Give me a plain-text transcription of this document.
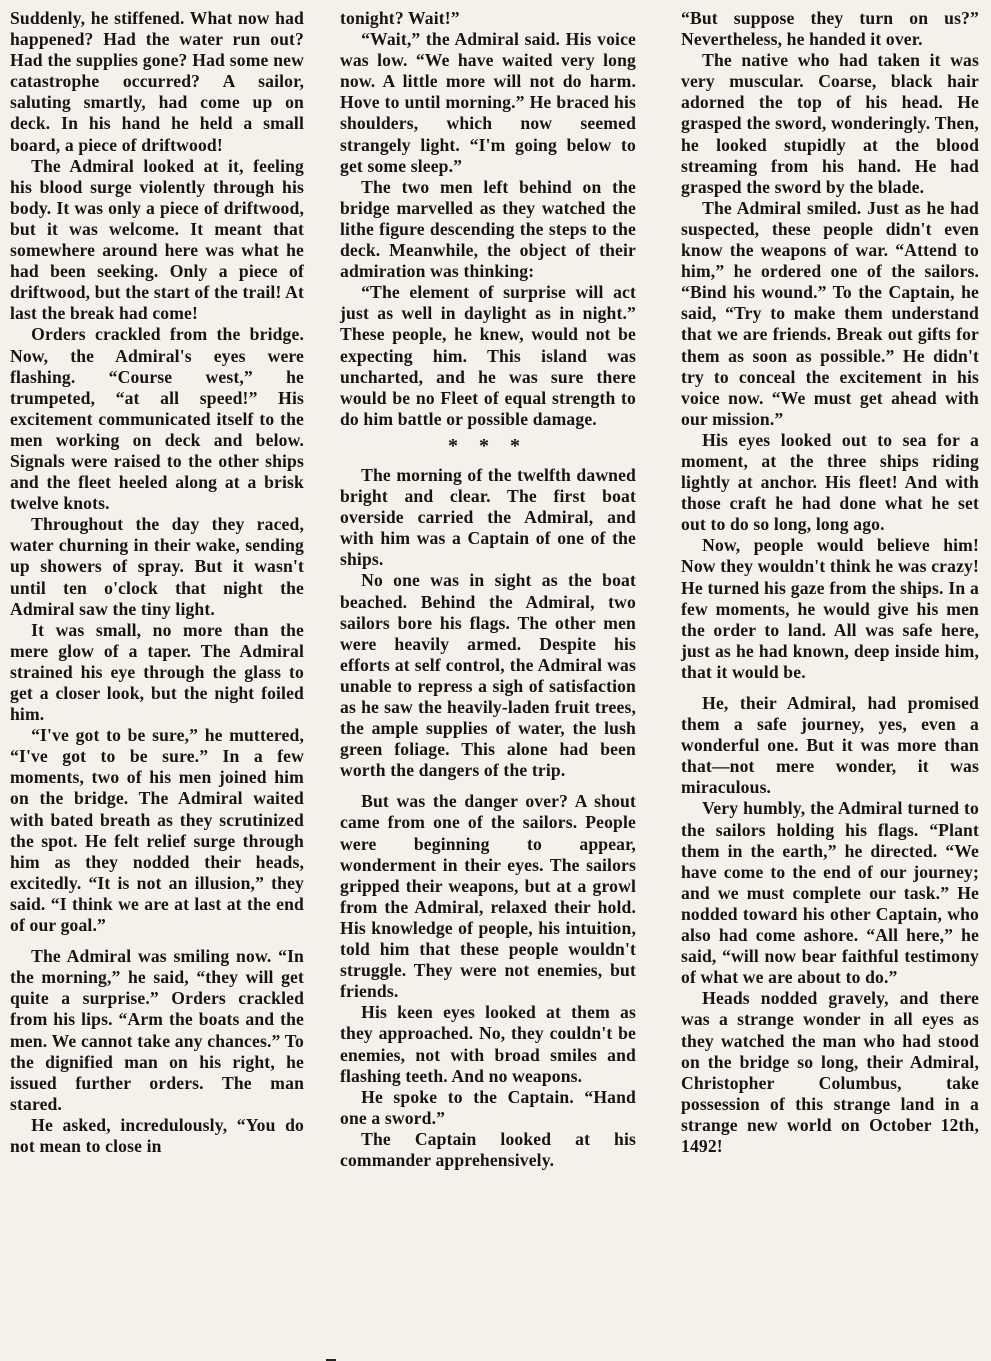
Suddenly, he stiffened. What now had happened? Had the water run out? Had the supplies gone? Had some new catastrophe occurred? A sailor, saluting smartly, had come up on deck. In his hand he held a small board, a piece of driftwood!

The Admiral looked at it, feeling his blood surge violently through his body. It was only a piece of driftwood, but it was welcome. It meant that somewhere around here was what he had been seeking. Only a piece of driftwood, but the start of the trail! At last the break had come!

Orders crackled from the bridge. Now, the Admiral's eyes were flashing. “Course west,” he trumpeted, “at all speed!” His excitement communicated itself to the men working on deck and below. Signals were raised to the other ships and the fleet heeled along at a brisk twelve knots.

Throughout the day they raced, water churning in their wake, sending up showers of spray. But it wasn't until ten o'clock that night the Admiral saw the tiny light.

It was small, no more than the mere glow of a taper. The Admiral strained his eye through the glass to get a closer look, but the night foiled him.

“I've got to be sure,” he muttered, “I've got to be sure.” In a few moments, two of his men joined him on the bridge. The Admiral waited with bated breath as they scrutinized the spot. He felt relief surge through him as they nodded their heads, excitedly. “It is not an illusion,” they said. “I think we are at last at the end of our goal.”

The Admiral was smiling now. “In the morning,” he said, “they will get quite a surprise.” Orders crackled from his lips. “Arm the boats and the men. We cannot take any chances.” To the dignified man on his right, he issued further orders. The man stared.

He asked, incredulously, “You do not mean to close in

tonight? Wait!”

“Wait,” the Admiral said. His voice was low. “We have waited very long now. A little more will not do harm. Hove to until morning.” He braced his shoulders, which now seemed strangely light. “I'm going below to get some sleep.”

The two men left behind on the bridge marvelled as they watched the lithe figure descending the steps to the deck. Meanwhile, the object of their admiration was thinking:

“The element of surprise will act just as well in daylight as in night.” These people, he knew, would not be expecting him. This island was uncharted, and he was sure there would be no Fleet of equal strength to do him battle or possible damage.

* * *

The morning of the twelfth dawned bright and clear. The first boat overside carried the Admiral, and with him was a Captain of one of the ships.

No one was in sight as the boat beached. Behind the Admiral, two sailors bore his flags. The other men were heavily armed. Despite his efforts at self control, the Admiral was unable to repress a sigh of satisfaction as he saw the heavily-laden fruit trees, the ample supplies of water, the lush green foliage. This alone had been worth the dangers of the trip.

But was the danger over? A shout came from one of the sailors. People were beginning to appear, wonderment in their eyes. The sailors gripped their weapons, but at a growl from the Admiral, relaxed their hold. His knowledge of people, his intuition, told him that these people wouldn't struggle. They were not enemies, but friends.

His keen eyes looked at them as they approached. No, they couldn't be enemies, not with broad smiles and flashing teeth. And no weapons.

He spoke to the Captain. “Hand one a sword.”

The Captain looked at his commander apprehensively.

“But suppose they turn on us?” Nevertheless, he handed it over.

The native who had taken it was very muscular. Coarse, black hair adorned the top of his head. He grasped the sword, wonderingly. Then, he looked stupidly at the blood streaming from his hand. He had grasped the sword by the blade.

The Admiral smiled. Just as he had suspected, these people didn't even know the weapons of war. “Attend to him,” he ordered one of the sailors. “Bind his wound.” To the Captain, he said, “Try to make them understand that we are friends. Break out gifts for them as soon as possible.” He didn't try to conceal the excitement in his voice now. “We must get ahead with our mission.”

His eyes looked out to sea for a moment, at the three ships riding lightly at anchor. His fleet! And with those craft he had done what he set out to do so long, long ago.

Now, people would believe him! Now they wouldn't think he was crazy! He turned his gaze from the ships. In a few moments, he would give his men the order to land. All was safe here, just as he had known, deep inside him, that it would be.

He, their Admiral, had promised them a safe journey, yes, even a wonderful one. But it was more than that—not mere wonder, it was miraculous.

Very humbly, the Admiral turned to the sailors holding his flags. “Plant them in the earth,” he directed. “We have come to the end of our journey; and we must complete our task.” He nodded toward his other Captain, who also had come ashore. “All here,” he said, “will now bear faithful testimony of what we are about to do.”

Heads nodded gravely, and there was a strange wonder in all eyes as they watched the man who had stood on the bridge so long, their Admiral, Christopher Columbus, take possession of this strange land in a strange new world on October 12th, 1492!
